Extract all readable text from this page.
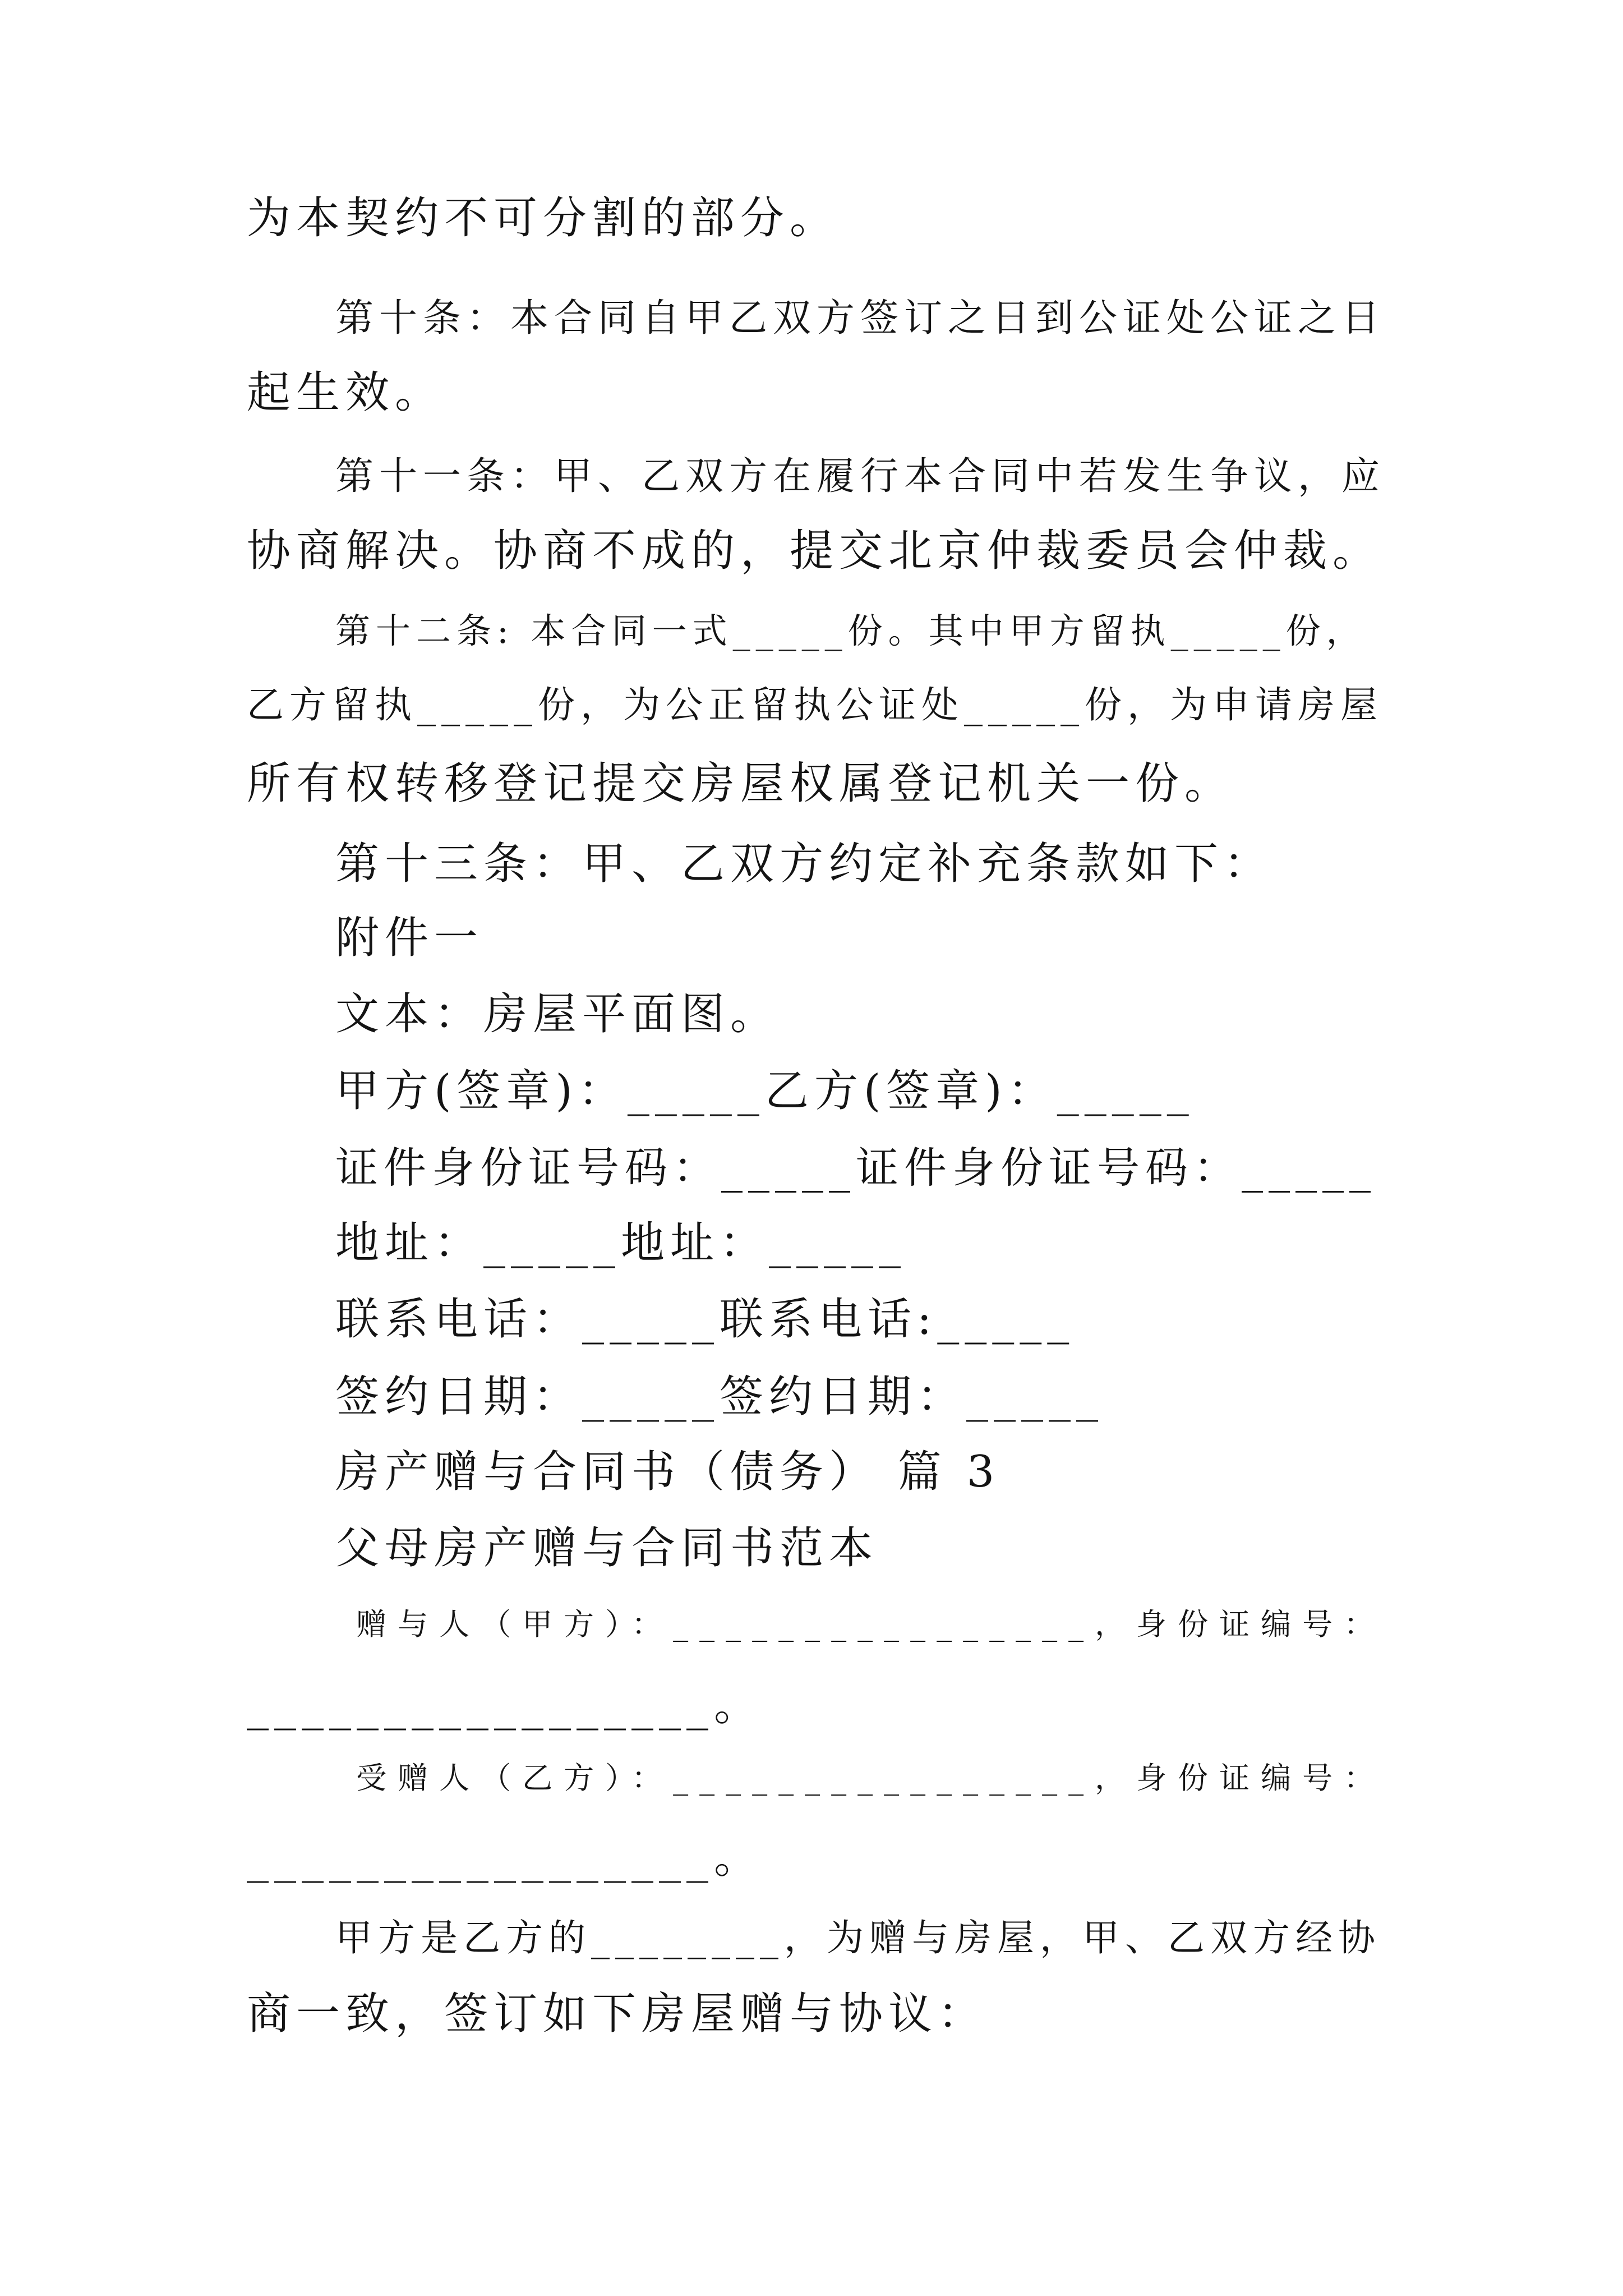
为本契约不可分割的部分。
第十条：本合同自甲乙双方签订之日到公证处公证之日
起生效。
第十一条：甲、乙双方在履行本合同中若发生争议，应
协商解决。协商不成的，提交北京仲裁委员会仲裁。
第十二条: 本合同一式_____份。其中甲方留执_____份，
乙方留执_____份，为公正留执公证处_____份，为申请房屋
所有权转移登记提交房屋权属登记机关一份。
第十三条：甲、乙双方约定补充条款如下：
附件一
文本：房屋平面图。
甲方(签章)：_____乙方(签章)：_____
证件身份证号码：_____证件身份证号码：_____
地址：_____地址：_____
联系电话：_____联系电话:_____
签约日期：_____签约日期：_____
房产赠与合同书（债务） 篇 3
父母房产赠与合同书范本
赠与人（甲方）：________________，身份证编号：
_________________。
受赠人（乙方）：________________，身份证编号：
_________________。
甲方是乙方的________，为赠与房屋，甲、乙双方经协
商一致，签订如下房屋赠与协议：
